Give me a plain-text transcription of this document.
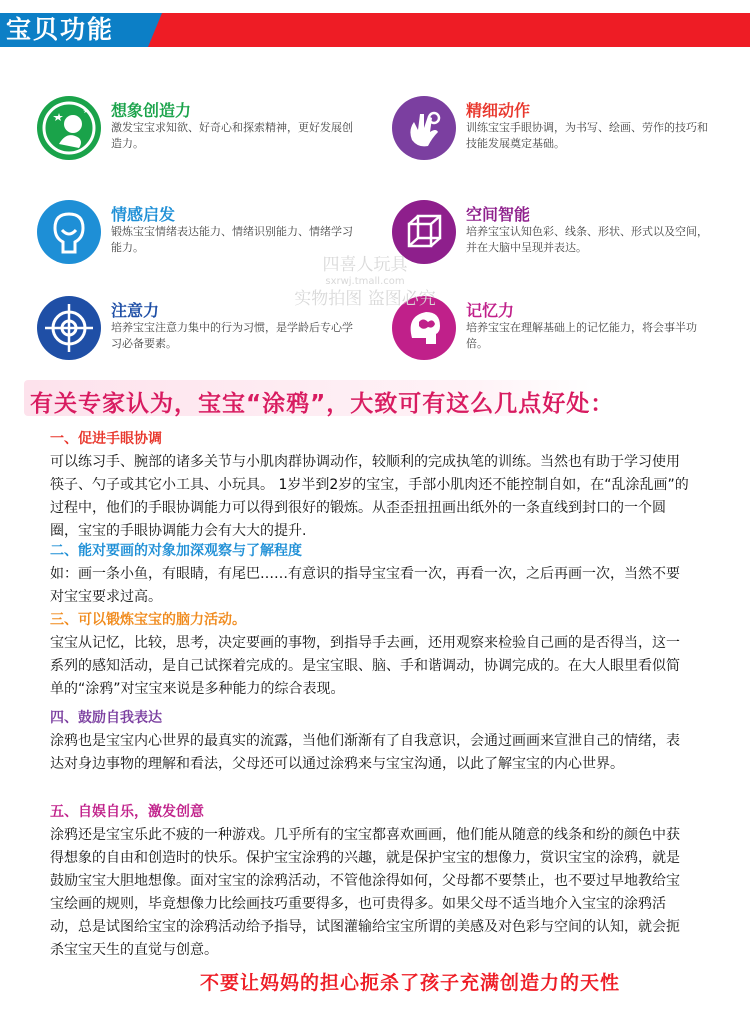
宝贝功能
想象创造力
激发宝宝求知欲、好奇心和探索精神，更好发展创造力。
精细动作
训练宝宝手眼协调，为书写、绘画、劳作的技巧和技能发展奠定基础。
情感启发
锻炼宝宝情绪表达能力、情绪识别能力、情绪学习能力。
空间智能
培养宝宝认知色彩、线条、形状、形式以及空间，并在大脑中呈现并表达。
注意力
培养宝宝注意力集中的行为习惯，是学龄后专心学习必备要素。
记忆力
培养宝宝在理解基础上的记忆能力，将会事半功倍。
四喜人玩具
sxrwj.tmall.com
实物拍图 盗图必究
有关专家认为，宝宝“涂鸦”，大致可有这么几点好处：
一、促进手眼协调
可以练习手、腕部的诸多关节与小肌肉群协调动作，较顺利的完成执笔的训练。当然也有助于学习使用筷子、勺子或其它小工具、小玩具。 1岁半到2岁的宝宝，手部小肌肉还不能控制自如，在“乱涂乱画”的过程中，他们的手眼协调能力可以得到很好的锻炼。从歪歪扭扭画出纸外的一条直线到封口的一个圆圈，宝宝的手眼协调能力会有大大的提升.
二、能对要画的对象加深观察与了解程度
如：画一条小鱼，有眼睛，有尾巴……有意识的指导宝宝看一次，再看一次，之后再画一次，当然不要对宝宝要求过高。
三、可以锻炼宝宝的脑力活动。
宝宝从记忆，比较，思考，决定要画的事物，到指导手去画，还用观察来检验自己画的是否得当，这一系列的感知活动，是自己试探着完成的。是宝宝眼、脑、手和谐调动，协调完成的。在大人眼里看似简单的“涂鸦”对宝宝来说是多种能力的综合表现。
四、鼓励自我表达
涂鸦也是宝宝内心世界的最真实的流露，当他们渐渐有了自我意识，会通过画画来宣泄自己的情绪，表达对身边事物的理解和看法，父母还可以通过涂鸦来与宝宝沟通，以此了解宝宝的内心世界。
五、自娱自乐，激发创意
涂鸦还是宝宝乐此不疲的一种游戏。几乎所有的宝宝都喜欢画画，他们能从随意的线条和纷的颜色中获得想象的自由和创造时的快乐。保护宝宝涂鸦的兴趣，就是保护宝宝的想像力，赏识宝宝的涂鸦，就是鼓励宝宝大胆地想像。面对宝宝的涂鸦活动，不管他涂得如何，父母都不要禁止，也不要过早地教给宝宝绘画的规则，毕竟想像力比绘画技巧重要得多，也可贵得多。如果父母不适当地介入宝宝的涂鸦活动，总是试图给宝宝的涂鸦活动给予指导，试图灌输给宝宝所谓的美感及对色彩与空间的认知，就会扼杀宝宝天生的直觉与创意。
不要让妈妈的担心扼杀了孩子充满创造力的天性
